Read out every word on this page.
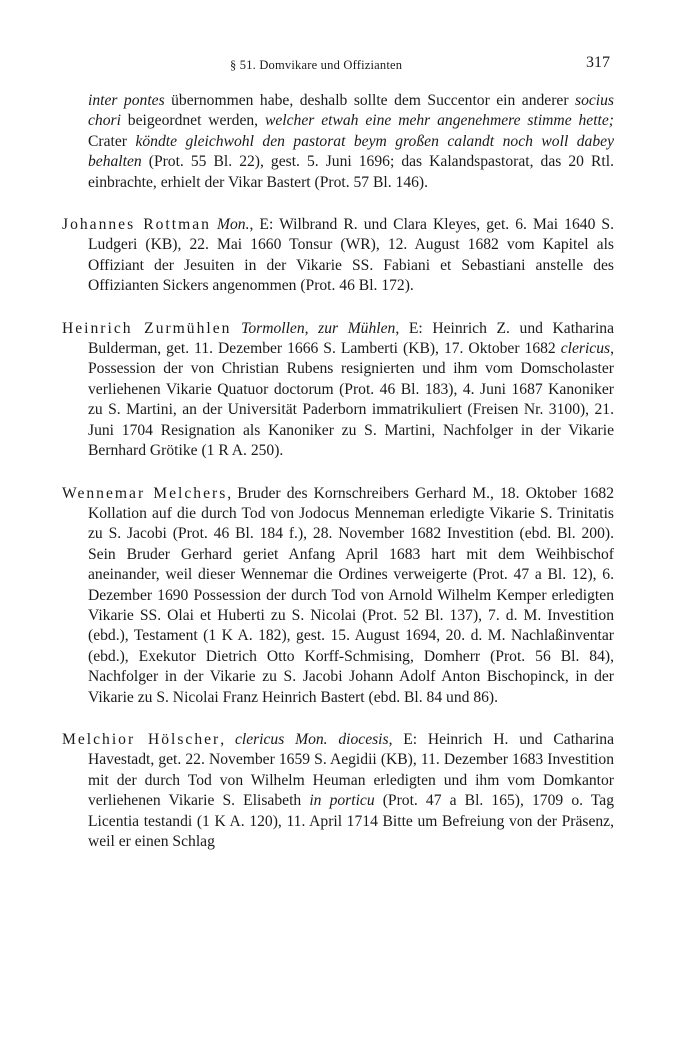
§ 51. Domvikare und Offizianten	317

inter pontes übernommen habe, deshalb sollte dem Succentor ein anderer socius chori beigeordnet werden, welcher etwah eine mehr angenehmere stimme hette; Crater köndte gleichwohl den pastorat beym großen calandt noch woll dabey behalten (Prot. 55 Bl. 22), gest. 5. Juni 1696; das Kalandspastorat, das 20 Rtl. einbrachte, erhielt der Vikar Bastert (Prot. 57 Bl. 146).

Johannes Rottman Mon., E: Wilbrand R. und Clara Kleyes, get. 6. Mai 1640 S. Ludgeri (KB), 22. Mai 1660 Tonsur (WR), 12. August 1682 vom Kapitel als Offiziant der Jesuiten in der Vikarie SS. Fabiani et Sebastiani anstelle des Offizianten Sickers angenommen (Prot. 46 Bl. 172).

Heinrich Zurmühlen Tormollen, zur Mühlen, E: Heinrich Z. und Katharina Bulderman, get. 11. Dezember 1666 S. Lamberti (KB), 17. Oktober 1682 clericus, Possession der von Christian Rubens resignierten und ihm vom Domscholaster verliehenen Vikarie Quatuor doctorum (Prot. 46 Bl. 183), 4. Juni 1687 Kanoniker zu S. Martini, an der Universität Paderborn immatrikuliert (Freisen Nr. 3100), 21. Juni 1704 Resignation als Kanoniker zu S. Martini, Nachfolger in der Vikarie Bernhard Grötike (1 R A. 250).

Wennemar Melchers, Bruder des Kornschreibers Gerhard M., 18. Oktober 1682 Kollation auf die durch Tod von Jodocus Menneman erledigte Vikarie S. Trinitatis zu S. Jacobi (Prot. 46 Bl. 184 f.), 28. November 1682 Investition (ebd. Bl. 200). Sein Bruder Gerhard geriet Anfang April 1683 hart mit dem Weihbischof aneinander, weil dieser Wennemar die Ordines verweigerte (Prot. 47 a Bl. 12), 6. Dezember 1690 Possession der durch Tod von Arnold Wilhelm Kemper erledigten Vikarie SS. Olai et Huberti zu S. Nicolai (Prot. 52 Bl. 137), 7. d. M. Investition (ebd.), Testament (1 K A. 182), gest. 15. August 1694, 20. d. M. Nachlaßinventar (ebd.), Exekutor Dietrich Otto Korff-Schmising, Domherr (Prot. 56 Bl. 84), Nachfolger in der Vikarie zu S. Jacobi Johann Adolf Anton Bischopinck, in der Vikarie zu S. Nicolai Franz Heinrich Bastert (ebd. Bl. 84 und 86).

Melchior Hölscher, clericus Mon. diocesis, E: Heinrich H. und Catharina Havestadt, get. 22. November 1659 S. Aegidii (KB), 11. Dezember 1683 Investition mit der durch Tod von Wilhelm Heuman erledigten und ihm vom Domkantor verliehenen Vikarie S. Elisabeth in porticu (Prot. 47 a Bl. 165), 1709 o. Tag Licentia testandi (1 K A. 120), 11. April 1714 Bitte um Befreiung von der Präsenz, weil er einen Schlag
